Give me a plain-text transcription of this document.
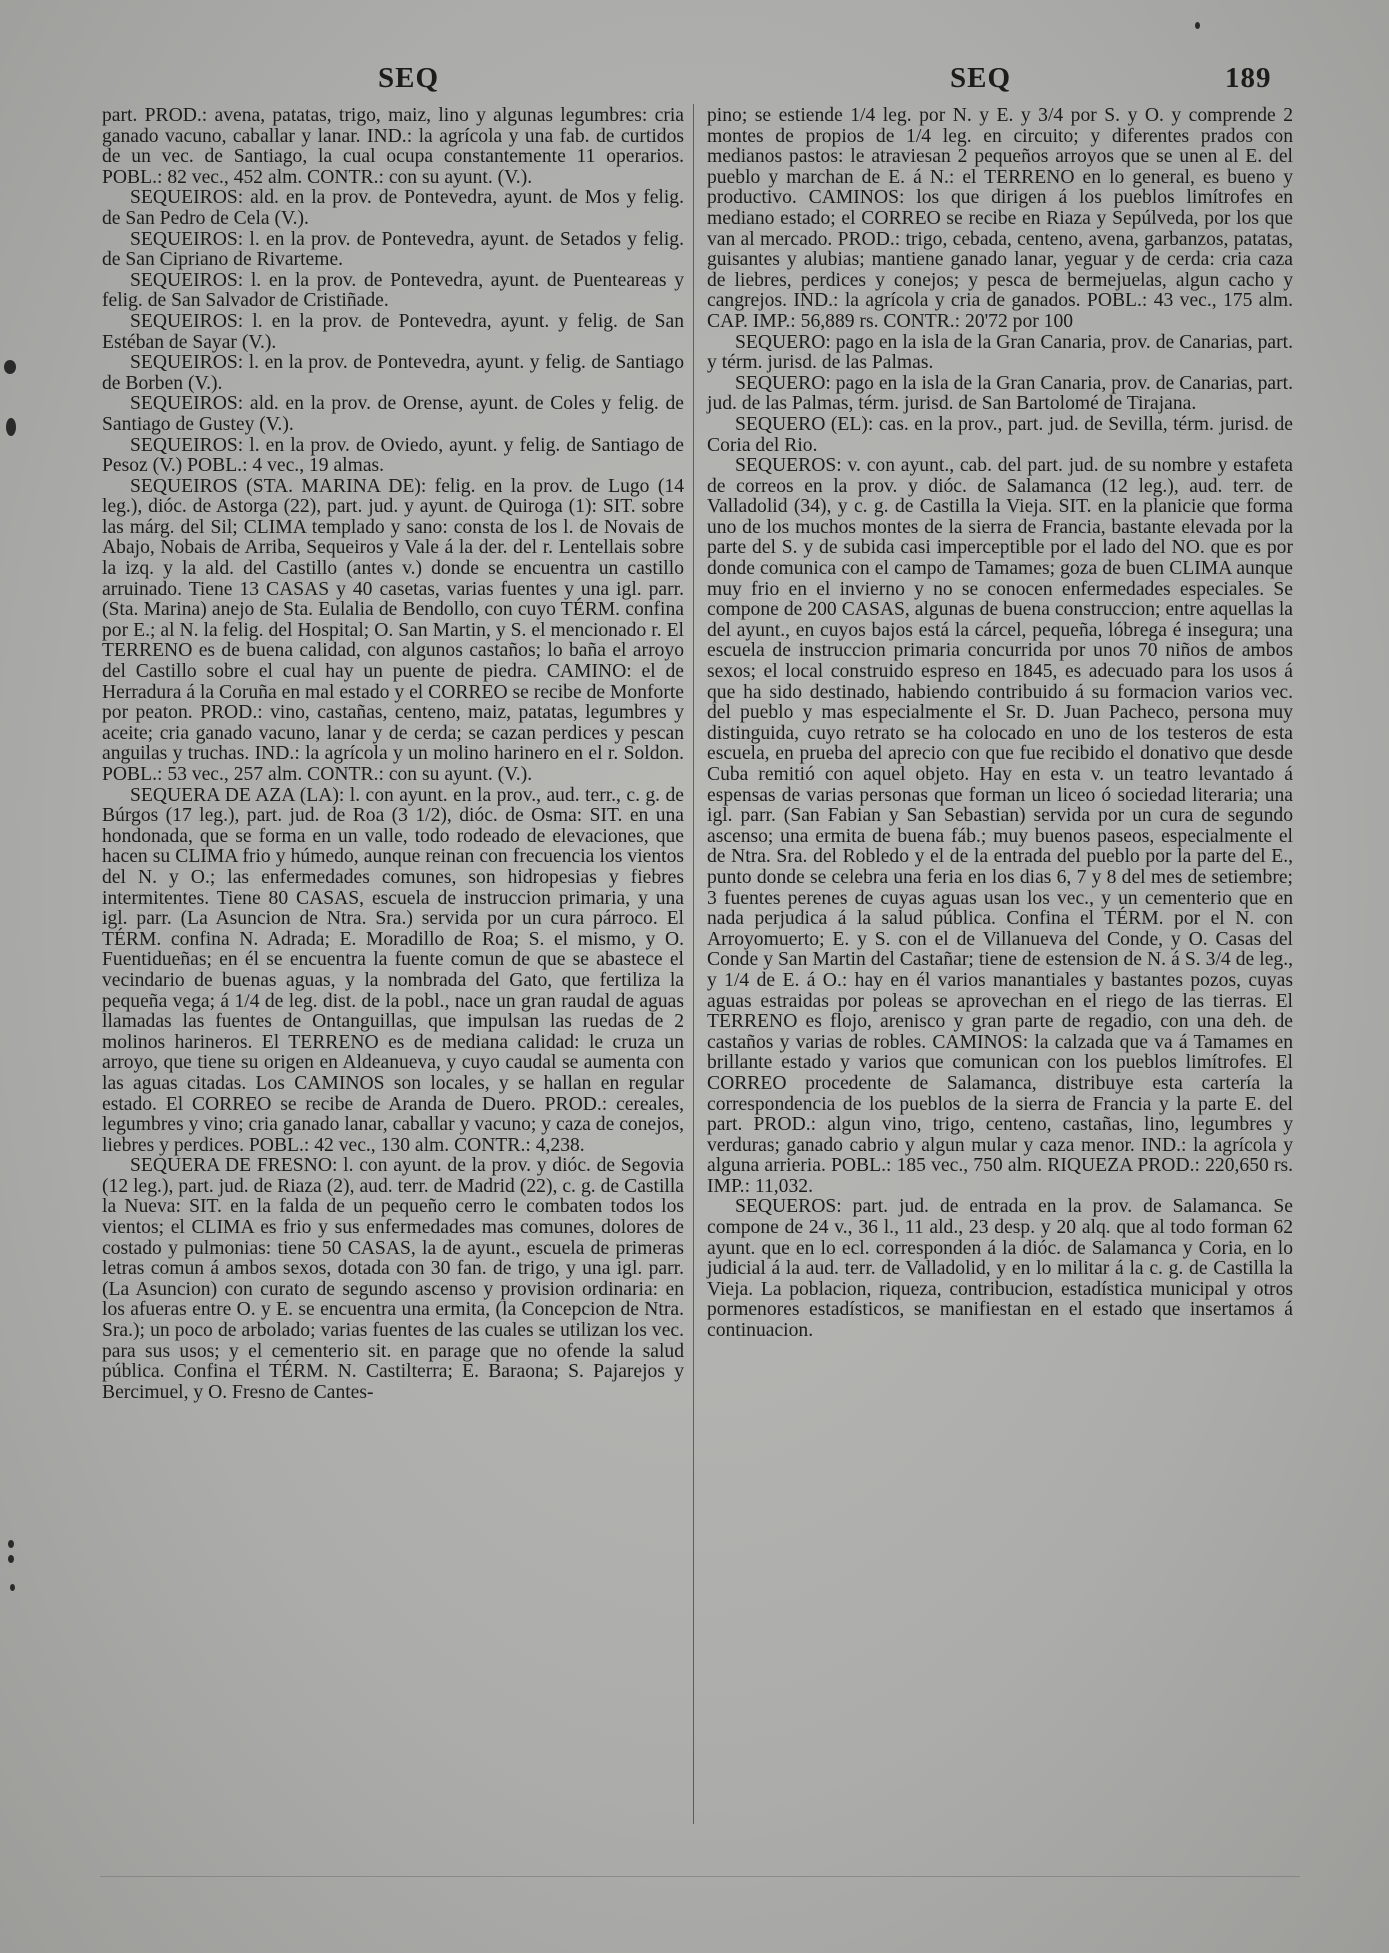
SEQ	SEQ	189

part. PROD.: avena, patatas, trigo, maiz, lino y algunas legumbres: cria ganado vacuno, caballar y lanar. IND.: la agrícola y una fab. de curtidos de un vec. de Santiago, la cual ocupa constantemente 11 operarios. POBL.: 82 vec., 452 alm. CONTR.: con su ayunt. (V.).

SEQUEIROS: ald. en la prov. de Pontevedra, ayunt. de Mos y felig. de San Pedro de Cela (V.).

SEQUEIROS: l. en la prov. de Pontevedra, ayunt. de Setados y felig. de San Cipriano de Rivarteme.

SEQUEIROS: l. en la prov. de Pontevedra, ayunt. de Puenteareas y felig. de San Salvador de Cristiñade.

SEQUEIROS: l. en la prov. de Pontevedra, ayunt. y felig. de San Estéban de Sayar (V.).

SEQUEIROS: l. en la prov. de Pontevedra, ayunt. y felig. de Santiago de Borben (V.).

SEQUEIROS: ald. en la prov. de Orense, ayunt. de Coles y felig. de Santiago de Gustey (V.).

SEQUEIROS: l. en la prov. de Oviedo, ayunt. y felig. de Santiago de Pesoz (V.) POBL.: 4 vec., 19 almas.

SEQUEIROS (STA. MARINA DE): felig. en la prov. de Lugo (14 leg.), dióc. de Astorga (22), part. jud. y ayunt. de Quiroga (1): SIT. sobre las márg. del Sil; CLIMA templado y sano: consta de los l. de Novais de Abajo, Nobais de Arriba, Sequeiros y Vale á la der. del r. Lentellais sobre la izq. y la ald. del Castillo (antes v.) donde se encuentra un castillo arruinado. Tiene 13 CASAS y 40 casetas, varias fuentes y una igl. parr. (Sta. Marina) anejo de Sta. Eulalia de Bendollo, con cuyo TÉRM. confina por E.; al N. la felig. del Hospital; O. San Martin, y S. el mencionado r. El TERRENO es de buena calidad, con algunos castaños; lo baña el arroyo del Castillo sobre el cual hay un puente de piedra. CAMINO: el de Herradura á la Coruña en mal estado y el CORREO se recibe de Monforte por peaton. PROD.: vino, castañas, centeno, maiz, patatas, legumbres y aceite; cria ganado vacuno, lanar y de cerda; se cazan perdices y pescan anguilas y truchas. IND.: la agrícola y un molino harinero en el r. Soldon. POBL.: 53 vec., 257 alm. CONTR.: con su ayunt. (V.).

SEQUERA DE AZA (LA): l. con ayunt. en la prov., aud. terr., c. g. de Búrgos (17 leg.), part. jud. de Roa (3 1/2), dióc. de Osma: SIT. en una hondonada, que se forma en un valle, todo rodeado de elevaciones, que hacen su CLIMA frio y húmedo, aunque reinan con frecuencia los vientos del N. y O.; las enfermedades comunes, son hidropesias y fiebres intermitentes. Tiene 80 CASAS, escuela de instruccion primaria, y una igl. parr. (La Asuncion de Ntra. Sra.) servida por un cura párroco. El TÉRM. confina N. Adrada; E. Moradillo de Roa; S. el mismo, y O. Fuentidueñas; en él se encuentra la fuente comun de que se abastece el vecindario de buenas aguas, y la nombrada del Gato, que fertiliza la pequeña vega; á 1/4 de leg. dist. de la pobl., nace un gran raudal de aguas llamadas las fuentes de Ontanguillas, que impulsan las ruedas de 2 molinos harineros. El TERRENO es de mediana calidad: le cruza un arroyo, que tiene su origen en Aldeanueva, y cuyo caudal se aumenta con las aguas citadas. Los CAMINOS son locales, y se hallan en regular estado. El CORREO se recibe de Aranda de Duero. PROD.: cereales, legumbres y vino; cria ganado lanar, caballar y vacuno; y caza de conejos, liebres y perdices. POBL.: 42 vec., 130 alm. CONTR.: 4,238.

SEQUERA DE FRESNO: l. con ayunt. de la prov. y dióc. de Segovia (12 leg.), part. jud. de Riaza (2), aud. terr. de Madrid (22), c. g. de Castilla la Nueva: SIT. en la falda de un pequeño cerro le combaten todos los vientos; el CLIMA es frio y sus enfermedades mas comunes, dolores de costado y pulmonias: tiene 50 CASAS, la de ayunt., escuela de primeras letras comun á ambos sexos, dotada con 30 fan. de trigo, y una igl. parr. (La Asuncion) con curato de segundo ascenso y provision ordinaria: en los afueras entre O. y E. se encuentra una ermita, (la Concepcion de Ntra. Sra.); un poco de arbolado; varias fuentes de las cuales se utilizan los vec. para sus usos; y el cementerio sit. en parage que no ofende la salud pública. Confina el TÉRM. N. Castilterra; E. Baraona; S. Pajarejos y Bercimuel, y O. Fresno de Cantes-

pino; se estiende 1/4 leg. por N. y E. y 3/4 por S. y O. y comprende 2 montes de propios de 1/4 leg. en circuito; y diferentes prados con medianos pastos: le atraviesan 2 pequeños arroyos que se unen al E. del pueblo y marchan de E. á N.: el TERRENO en lo general, es bueno y productivo. CAMINOS: los que dirigen á los pueblos limítrofes en mediano estado; el CORREO se recibe en Riaza y Sepúlveda, por los que van al mercado. PROD.: trigo, cebada, centeno, avena, garbanzos, patatas, guisantes y alubias; mantiene ganado lanar, yeguar y de cerda: cria caza de liebres, perdices y conejos; y pesca de bermejuelas, algun cacho y cangrejos. IND.: la agrícola y cria de ganados. POBL.: 43 vec., 175 alm. CAP. IMP.: 56,889 rs. CONTR.: 20'72 por 100

SEQUERO: pago en la isla de la Gran Canaria, prov. de Canarias, part. y térm. jurisd. de las Palmas.

SEQUERO: pago en la isla de la Gran Canaria, prov. de Canarias, part. jud. de las Palmas, térm. jurisd. de San Bartolomé de Tirajana.

SEQUERO (EL): cas. en la prov., part. jud. de Sevilla, térm. jurisd. de Coria del Rio.

SEQUEROS: v. con ayunt., cab. del part. jud. de su nombre y estafeta de correos en la prov. y dióc. de Salamanca (12 leg.), aud. terr. de Valladolid (34), y c. g. de Castilla la Vieja. SIT. en la planicie que forma uno de los muchos montes de la sierra de Francia, bastante elevada por la parte del S. y de subida casi imperceptible por el lado del NO. que es por donde comunica con el campo de Tamames; goza de buen CLIMA aunque muy frio en el invierno y no se conocen enfermedades especiales. Se compone de 200 CASAS, algunas de buena construccion; entre aquellas la del ayunt., en cuyos bajos está la cárcel, pequeña, lóbrega é insegura; una escuela de instruccion primaria concurrida por unos 70 niños de ambos sexos; el local construido espreso en 1845, es adecuado para los usos á que ha sido destinado, habiendo contribuido á su formacion varios vec. del pueblo y mas especialmente el Sr. D. Juan Pacheco, persona muy distinguida, cuyo retrato se ha colocado en uno de los testeros de esta escuela, en prueba del aprecio con que fue recibido el donativo que desde Cuba remitió con aquel objeto. Hay en esta v. un teatro levantado á espensas de varias personas que forman un liceo ó sociedad literaria; una igl. parr. (San Fabian y San Sebastian) servida por un cura de segundo ascenso; una ermita de buena fáb.; muy buenos paseos, especialmente el de Ntra. Sra. del Robledo y el de la entrada del pueblo por la parte del E., punto donde se celebra una feria en los dias 6, 7 y 8 del mes de setiembre; 3 fuentes perenes de cuyas aguas usan los vec., y un cementerio que en nada perjudica á la salud pública. Confina el TÉRM. por el N. con Arroyomuerto; E. y S. con el de Villanueva del Conde, y O. Casas del Conde y San Martin del Castañar; tiene de estension de N. á S. 3/4 de leg., y 1/4 de E. á O.: hay en él varios manantiales y bastantes pozos, cuyas aguas estraidas por poleas se aprovechan en el riego de las tierras. El TERRENO es flojo, arenisco y gran parte de regadio, con una deh. de castaños y varias de robles. CAMINOS: la calzada que va á Tamames en brillante estado y varios que comunican con los pueblos limítrofes. El CORREO procedente de Salamanca, distribuye esta cartería la correspondencia de los pueblos de la sierra de Francia y la parte E. del part. PROD.: algun vino, trigo, centeno, castañas, lino, legumbres y verduras; ganado cabrio y algun mular y caza menor. IND.: la agrícola y alguna arrieria. POBL.: 185 vec., 750 alm. RIQUEZA PROD.: 220,650 rs. IMP.: 11,032.

SEQUEROS: part. jud. de entrada en la prov. de Salamanca. Se compone de 24 v., 36 l., 11 ald., 23 desp. y 20 alq. que al todo forman 62 ayunt. que en lo ecl. corresponden á la dióc. de Salamanca y Coria, en lo judicial á la aud. terr. de Valladolid, y en lo militar á la c. g. de Castilla la Vieja. La poblacion, riqueza, contribucion, estadística municipal y otros pormenores estadísticos, se manifiestan en el estado que insertamos á continuacion.
